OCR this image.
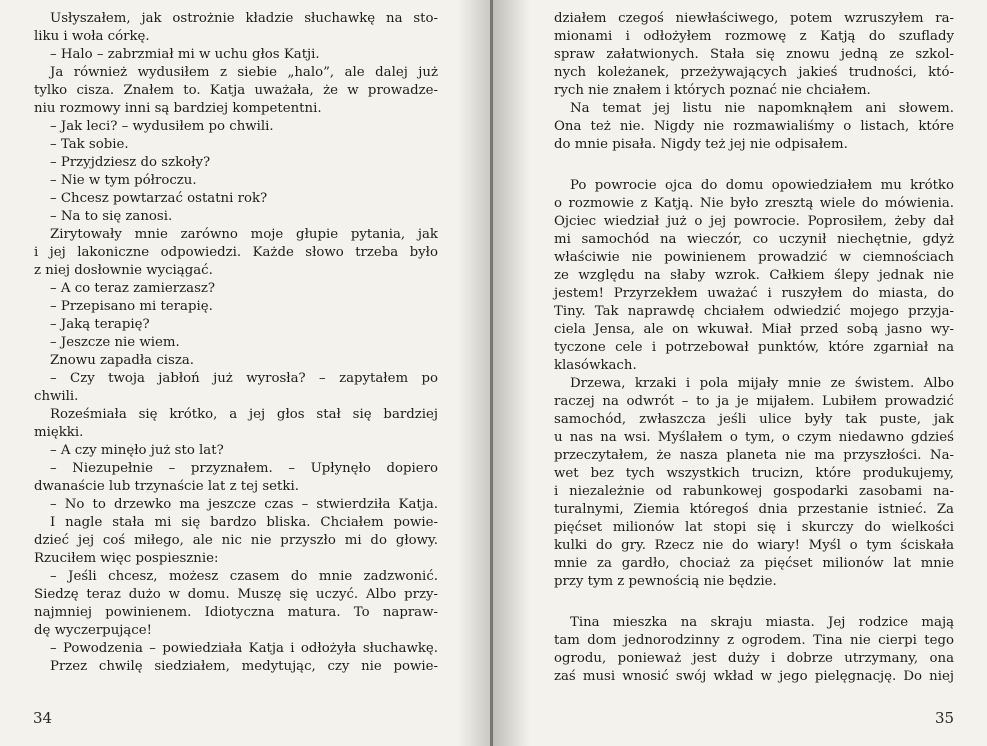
Usłyszałem, jak ostrożnie kładzie słuchawkę na sto-
liku i woła córkę.
– Halo – zabrzmiał mi w uchu głos Katji.
Ja również wydusiłem z siebie „halo”, ale dalej już
tylko cisza. Znałem to. Katja uważała, że w prowadze-
niu rozmowy inni są bardziej kompetentni.
– Jak leci? – wydusiłem po chwili.
– Tak sobie.
– Przyjdziesz do szkoły?
– Nie w tym półroczu.
– Chcesz powtarzać ostatni rok?
– Na to się zanosi.
Zirytowały mnie zarówno moje głupie pytania, jak
i jej lakoniczne odpowiedzi. Każde słowo trzeba było
z niej dosłownie wyciągać.
– A co teraz zamierzasz?
– Przepisano mi terapię.
– Jaką terapię?
– Jeszcze nie wiem.
Znowu zapadła cisza.
– Czy twoja jabłoń już wyrosła? – zapytałem po
chwili.
Roześmiała się krótko, a jej głos stał się bardziej
miękki.
– A czy minęło już sto lat?
– Niezupełnie – przyznałem. – Upłynęło dopiero
dwanaście lub trzynaście lat z tej setki.
– No to drzewko ma jeszcze czas – stwierdziła Katja.
I nagle stała mi się bardzo bliska. Chciałem powie-
dzieć jej coś miłego, ale nic nie przyszło mi do głowy.
Rzuciłem więc pospiesznie:
– Jeśli chcesz, możesz czasem do mnie zadzwonić.
Siedzę teraz dużo w domu. Muszę się uczyć. Albo przy-
najmniej powinienem. Idiotyczna matura. To napraw-
dę wyczerpujące!
– Powodzenia – powiedziała Katja i odłożyła słuchawkę.
Przez chwilę siedziałem, medytując, czy nie powie-
34
działem czegoś niewłaściwego, potem wzruszyłem ra-
mionami i odłożyłem rozmowę z Katją do szuflady
spraw załatwionych. Stała się znowu jedną ze szkol-
nych koleżanek, przeżywających jakieś trudności, któ-
rych nie znałem i których poznać nie chciałem.
Na temat jej listu nie napomknąłem ani słowem.
Ona też nie. Nigdy nie rozmawialiśmy o listach, które
do mnie pisała. Nigdy też jej nie odpisałem.
Po powrocie ojca do domu opowiedziałem mu krótko
o rozmowie z Katją. Nie było zresztą wiele do mówienia.
Ojciec wiedział już o jej powrocie. Poprosiłem, żeby dał
mi samochód na wieczór, co uczynił niechętnie, gdyż
właściwie nie powinienem prowadzić w ciemnościach
ze względu na słaby wzrok. Całkiem ślepy jednak nie
jestem! Przyrzekłem uważać i ruszyłem do miasta, do
Tiny. Tak naprawdę chciałem odwiedzić mojego przyja-
ciela Jensa, ale on wkuwał. Miał przed sobą jasno wy-
tyczone cele i potrzebował punktów, które zgarniał na
klasówkach.
Drzewa, krzaki i pola mijały mnie ze świstem. Albo
raczej na odwrót – to ja je mijałem. Lubiłem prowadzić
samochód, zwłaszcza jeśli ulice były tak puste, jak
u nas na wsi. Myślałem o tym, o czym niedawno gdzieś
przeczytałem, że nasza planeta nie ma przyszłości. Na-
wet bez tych wszystkich trucizn, które produkujemy,
i niezależnie od rabunkowej gospodarki zasobami na-
turalnymi, Ziemia któregoś dnia przestanie istnieć. Za
pięćset milionów lat stopi się i skurczy do wielkości
kulki do gry. Rzecz nie do wiary! Myśl o tym ściskała
mnie za gardło, chociaż za pięćset milionów lat mnie
przy tym z pewnością nie będzie.
Tina mieszka na skraju miasta. Jej rodzice mają
tam dom jednorodzinny z ogrodem. Tina nie cierpi tego
ogrodu, ponieważ jest duży i dobrze utrzymany, ona
zaś musi wnosić swój wkład w jego pielęgnację. Do niej
35
